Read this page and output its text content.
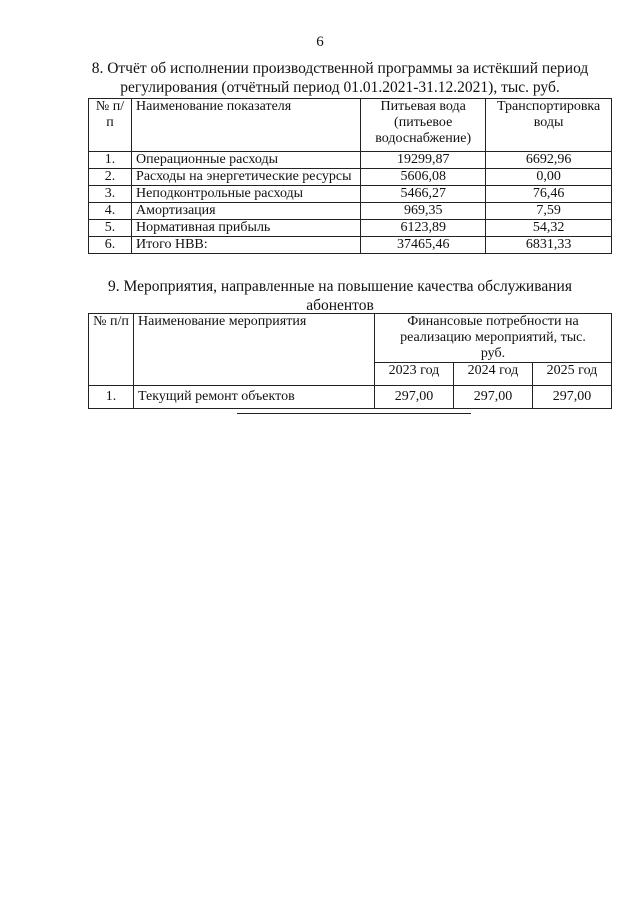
6
8. Отчёт об исполнении производственной программы за истёкший период
регулирования (отчётный период 01.01.2021-31.12.2021), тыс. руб.
№ п/п	Наименование показателя	Питьевая вода (питьевое водоснабжение)	Транспортировка воды
1.	Операционные расходы	19299,87	6692,96
2.	Расходы на энергетические ресурсы	5606,08	0,00
3.	Неподконтрольные расходы	5466,27	76,46
4.	Амортизация	969,35	7,59
5.	Нормативная прибыль	6123,89	54,32
6.	Итого НВВ:	37465,46	6831,33
9. Мероприятия, направленные на повышение качества обслуживания
абонентов
№ п/п	Наименование мероприятия	Финансовые потребности на реализацию мероприятий, тыс. руб.		
		2023 год	2024 год	2025 год
1.	Текущий ремонт объектов	297,00	297,00	297,00
